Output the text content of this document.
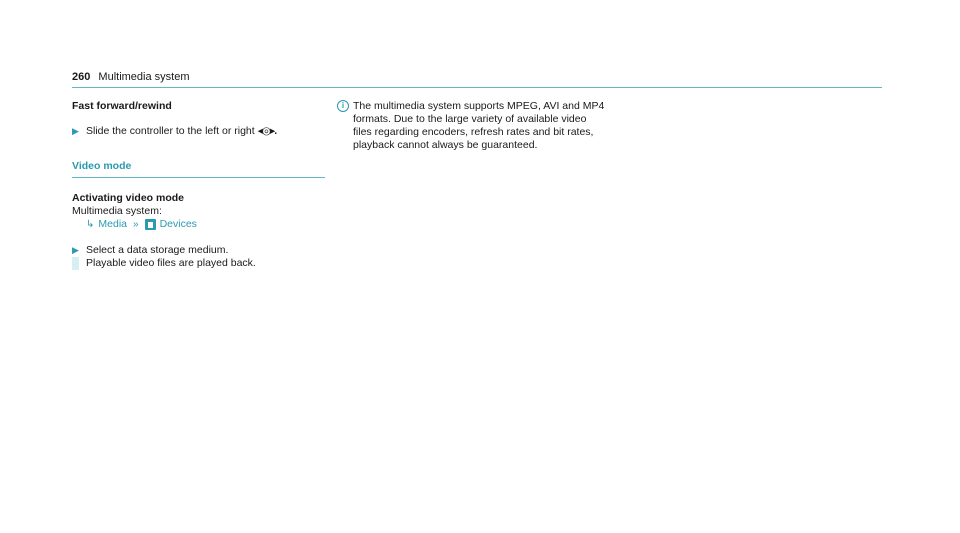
260 Multimedia system
Fast forward/rewind
▶ Slide the controller to the left or right ◂◎▸.
Video mode
Activating video mode
Multimedia system:
↳ Media » Devices
▶ Select a data storage medium.
Playable video files are played back.
i The multimedia system supports MPEG, AVI and MP4 formats. Due to the large variety of available video files regarding encoders, refresh rates and bit rates, playback cannot always be guaranteed.
